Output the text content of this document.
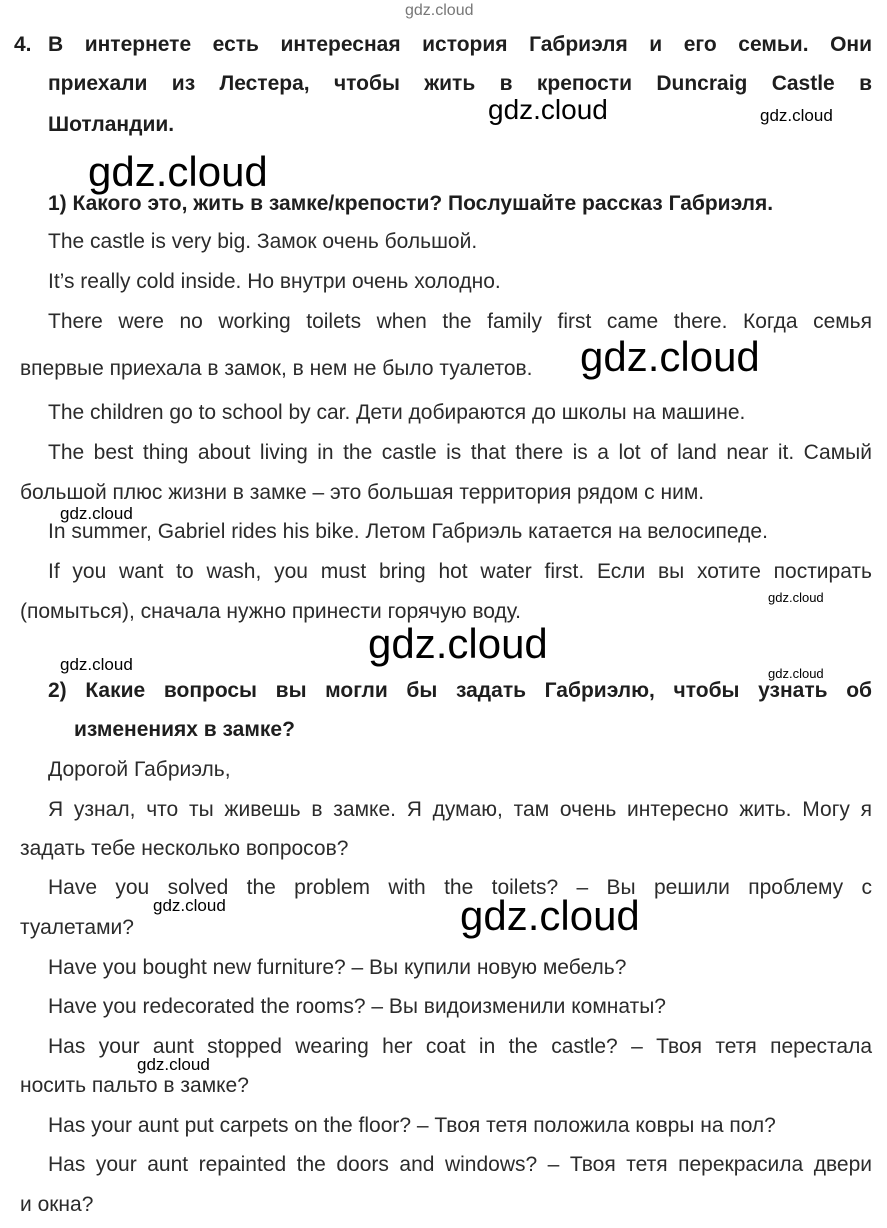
gdz.cloud
4. В интернете есть интересная история Габриэля и его семьи. Они
приехали из Лестера, чтобы жить в крепости Duncraig Castle в
Шотландии.
1) Какого это, жить в замке/крепости? Послушайте рассказ Габриэля.
The castle is very big. Замок очень большой.
It’s really cold inside. Но внутри очень холодно.
There were no working toilets when the family first came there. Когда семья
впервые приехала в замок, в нем не было туалетов.
The children go to school by car. Дети добираются до школы на машине.
The best thing about living in the castle is that there is a lot of land near it. Самый
большой плюс жизни в замке – это большая территория рядом с ним.
In summer, Gabriel rides his bike. Летом Габриэль катается на велосипеде.
If you want to wash, you must bring hot water first. Если вы хотите постирать
(помыться), сначала нужно принести горячую воду.
2) Какие вопросы вы могли бы задать Габриэлю, чтобы узнать об
изменениях в замке?
Дорогой Габриэль,
Я узнал, что ты живешь в замке. Я думаю, там очень интересно жить. Могу я
задать тебе несколько вопросов?
Have you solved the problem with the toilets? – Вы решили проблему с
туалетами?
Have you bought new furniture? – Вы купили новую мебель?
Have you redecorated the rooms? – Вы видоизменили комнаты?
Has your aunt stopped wearing her coat in the castle? – Твоя тетя перестала
носить пальто в замке?
Has your aunt put carpets on the floor? – Твоя тетя положила ковры на пол?
Has your aunt repainted the doors and windows? – Твоя тетя перекрасила двери
и окна?
gdz.cloud	gdz.cloud
gdz.cloud
gdz.cloud
gdz.cloud
gdz.cloud
gdz.cloud
gdz.cloud	gdz.cloud
gdz.cloud	gdz.cloud
gdz.cloud
